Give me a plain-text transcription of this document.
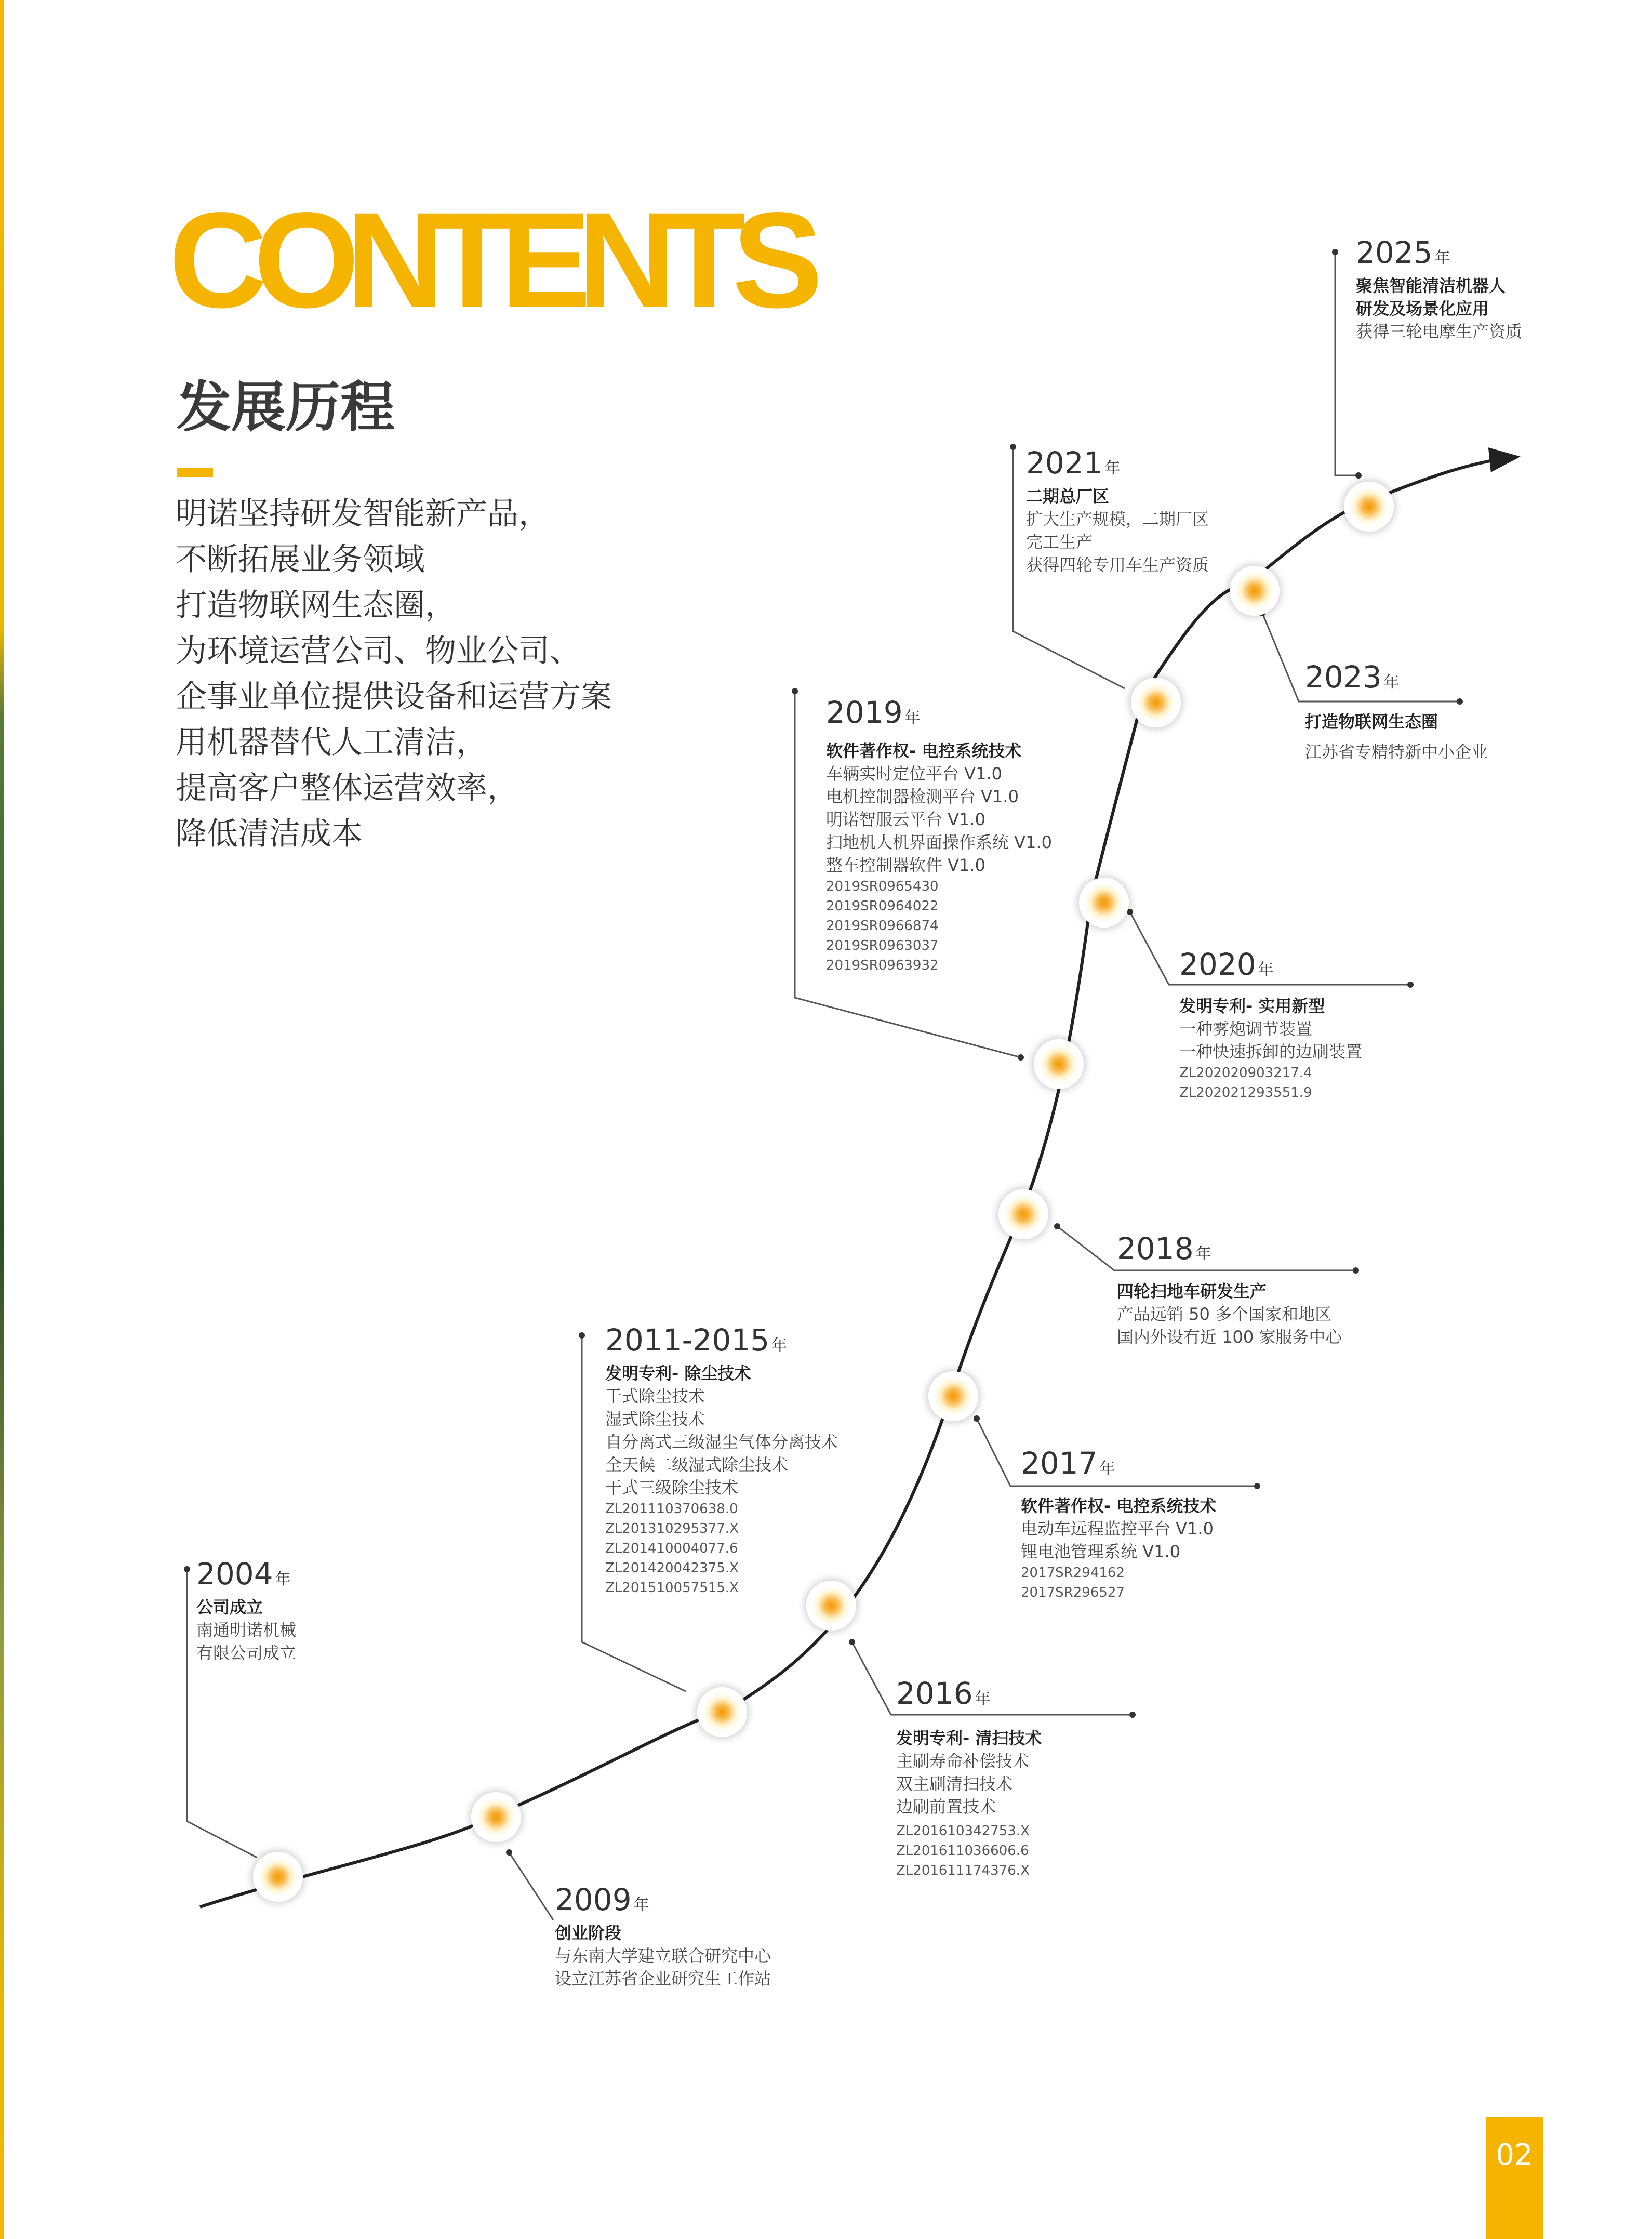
CONTENTS
发展历程
明诺坚持研发智能新产品，
不断拓展业务领域
打造物联网生态圈，
为环境运营公司、物业公司、
企事业单位提供设备和运营方案
用机器替代人工清洁，
提高客户整体运营效率，
降低清洁成本
2004 年
公司成立
南通明诺机械
有限公司成立
2009 年
创业阶段
与东南大学建立联合研究中心
设立江苏省企业研究生工作站
2011-2015 年
发明专利- 除尘技术
干式除尘技术
湿式除尘技术
自分离式三级湿尘气体分离技术
全天候二级湿式除尘技术
干式三级除尘技术
ZL201110370638.0
ZL201310295377.X
ZL201410004077.6
ZL201420042375.X
ZL201510057515.X
2016 年
发明专利- 清扫技术
主刷寿命补偿技术
双主刷清扫技术
边刷前置技术
ZL201610342753.X
ZL201611036606.6
ZL201611174376.X
2017 年
软件著作权- 电控系统技术
电动车远程监控平台 V1.0
锂电池管理系统 V1.0
2017SR294162
2017SR296527
2018 年
四轮扫地车研发生产
产品远销 50 多个国家和地区
国内外设有近 100 家服务中心
2019 年
软件著作权- 电控系统技术
车辆实时定位平台 V1.0
电机控制器检测平台 V1.0
明诺智服云平台 V1.0
扫地机人机界面操作系统 V1.0
整车控制器软件 V1.0
2019SR0965430
2019SR0964022
2019SR0966874
2019SR0963037
2019SR0963932	2020 年
发明专利- 实用新型
一种雾炮调节装置
一种快速拆卸的边刷装置
ZL202020903217.4
ZL202021293551.9
2021 年
二期总厂区
扩大生产规模，二期厂区
完工生产
获得四轮专用车生产资质
2023 年
打造物联网生态圈
江苏省专精特新中小企业
2025 年
聚焦智能清洁机器人
研发及场景化应用
获得三轮电摩生产资质
02
